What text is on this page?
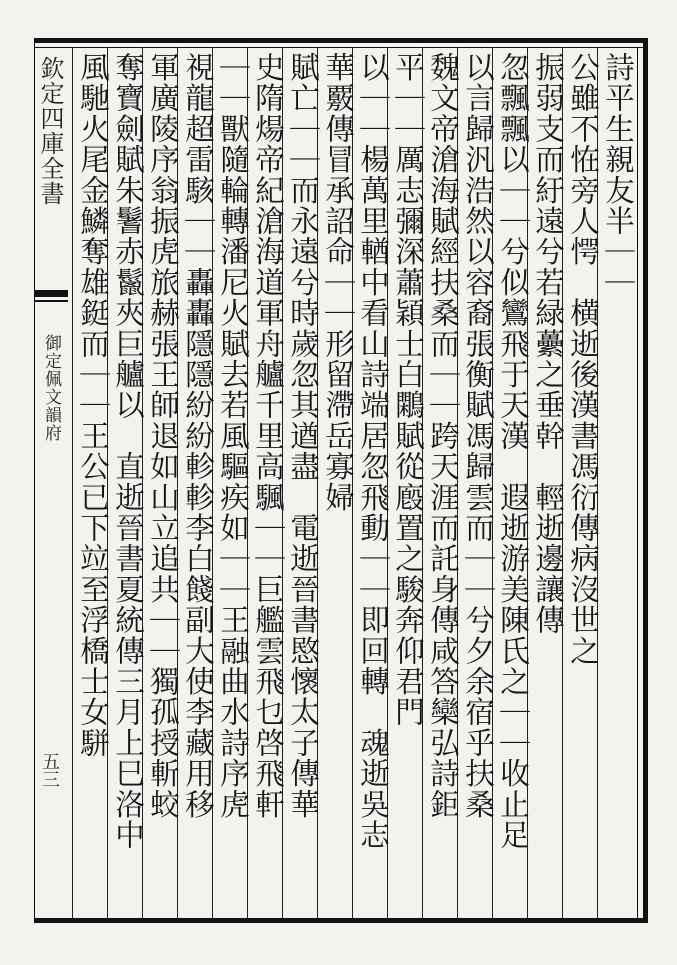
欽定四庫全書
御定佩文韻府
五三
詩平生親友半｜｜
公雖不恠旁人愕　横逝後漢書馮衍傳病沒世之
振弱支而紆遠兮若緑虆之垂幹　輕逝邊讓傳
忽飄飄以｜｜兮似鸞飛于天漢　遐逝游美陳氏之｜｜收止足
以言歸汎浩然以容裔張衡賦馮歸雲而｜｜兮夕余宿乎扶桑
魏文帝滄海賦經扶桑而｜｜跨天涯而託身傳咸答欒弘詩鉅
平｜｜厲志彌深蕭穎士白鷴賦從廏置之駿奔仰君門
以｜｜楊萬里輶中看山詩端居忽飛動｜｜即回轉　魂逝吳志
華覈傳冒承詔命｜｜形留滯岳寡婦
賦亡｜｜而永遠兮時歲忽其遒盡　電逝晉書愍懷太子傳華
史隋煬帝紀滄海道軍舟艫千里高颿｜｜巨艦雲飛乜啓飛軒
｜｜獸隨輪轉潘尼火賦去若風驅疾如｜｜王融曲水詩序虎
視龍超雷駭｜｜轟轟隱隱紛紛軫軫李白餞副大使李藏用移
軍廣陵序翁振虎旅赫張王師退如山立追共｜｜獨孤授斬蛟
奪寶劍賦朱鬐赤鬣夾巨艫以　直逝晉書夏統傳三月上巳洛中
風馳火尾金鱗奪雄鋌而｜｜王公已下竝至浮橋士女駢
